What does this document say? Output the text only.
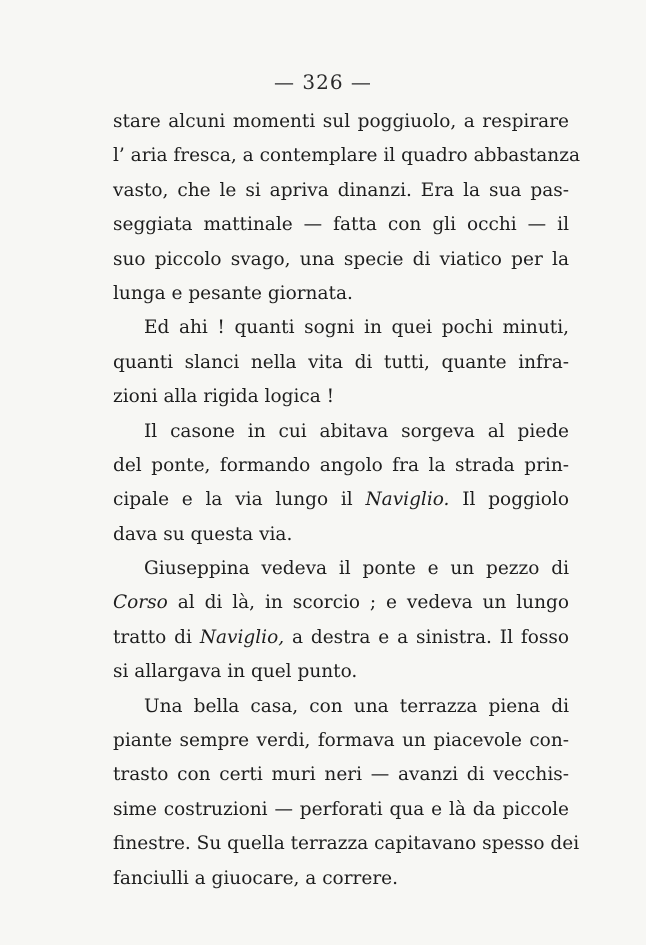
— 326 —
stare alcuni momenti sul poggiuolo, a respirare
l’ aria fresca, a contemplare il quadro abbastanza
vasto, che le si apriva dinanzi. Era la sua pas-
seggiata mattinale — fatta con gli occhi — il
suo piccolo svago, una specie di viatico per la
lunga e pesante giornata.
Ed ahi ! quanti sogni in quei pochi minuti,
quanti slanci nella vita di tutti, quante infra-
zioni alla rigida logica !
Il casone in cui abitava sorgeva al piede
del ponte, formando angolo fra la strada prin-
cipale e la via lungo il Naviglio. Il poggiolo
dava su questa via.
Giuseppina vedeva il ponte e un pezzo di
Corso al di là, in scorcio ; e vedeva un lungo
tratto di Naviglio, a destra e a sinistra. Il fosso
si allargava in quel punto.
Una bella casa, con una terrazza piena di
piante sempre verdi, formava un piacevole con-
trasto con certi muri neri — avanzi di vecchis-
sime costruzioni — perforati qua e là da piccole
finestre. Su quella terrazza capitavano spesso dei
fanciulli a giuocare, a correre.
